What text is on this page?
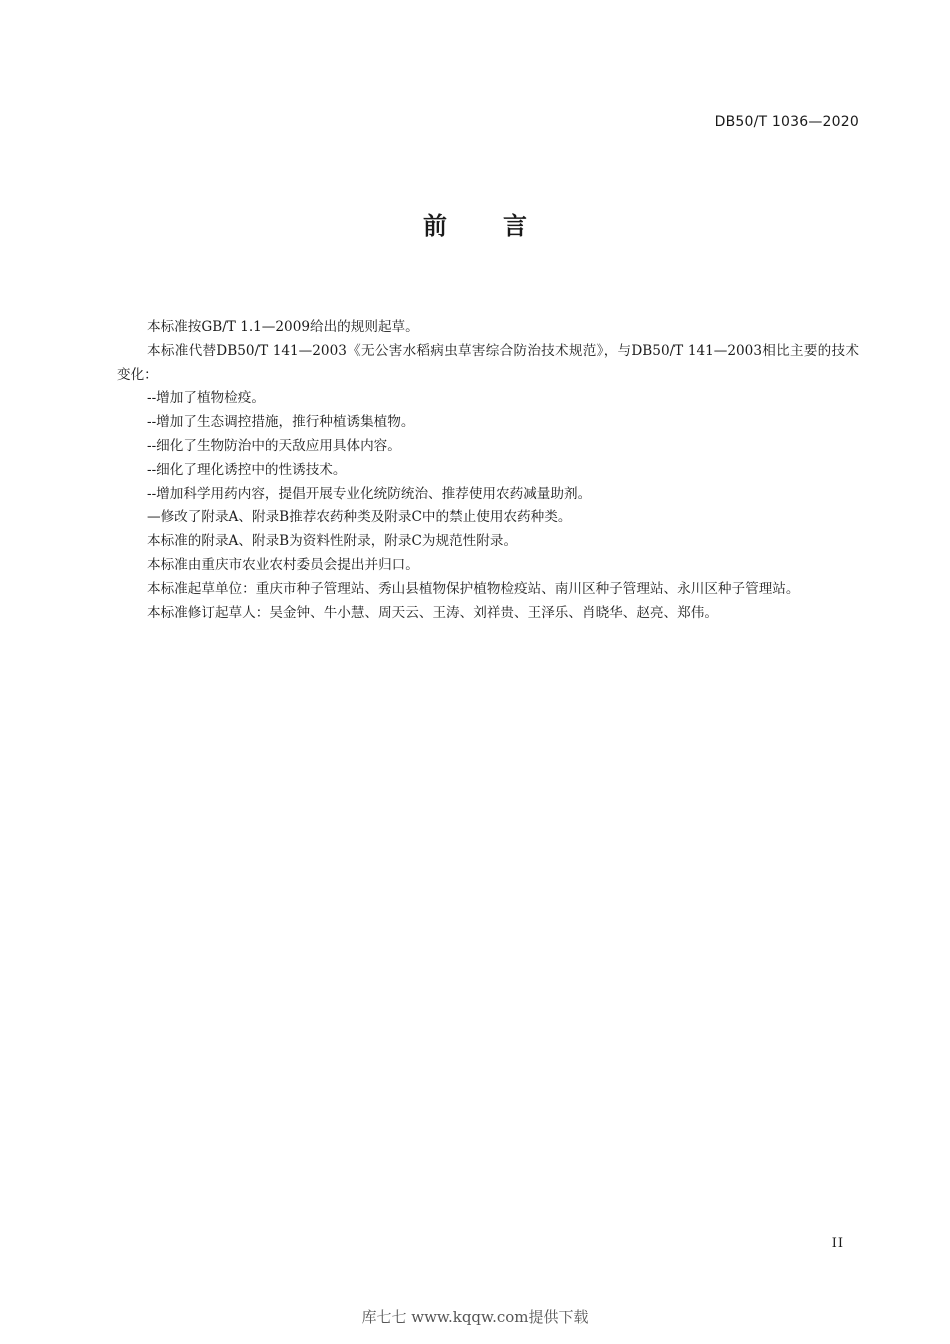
DB50/T 1036—2020
前言

本标准按GB/T 1.1—2009给出的规则起草。

本标准代替DB50/T 141—2003《无公害水稻病虫草害综合防治技术规范》，与DB50/T 141—2003相比主要的技术变化：

--增加了植物检疫。

--增加了生态调控措施，推行种植诱集植物。

--细化了生物防治中的天敌应用具体内容。

--细化了理化诱控中的性诱技术。

--增加科学用药内容，提倡开展专业化统防统治、推荐使用农药减量助剂。

—修改了附录A、附录B推荐农药种类及附录C中的禁止使用农药种类。

本标准的附录A、附录B为资料性附录，附录C为规范性附录。

本标准由重庆市农业农村委员会提出并归口。

本标准起草单位：重庆市种子管理站、秀山县植物保护植物检疫站、南川区种子管理站、永川区种子管理站。

本标准修订起草人：吴金钟、牛小慧、周天云、王涛、刘祥贵、王泽乐、肖晓华、赵亮、郑伟。

II
库七七 www.kqqw.com提供下载
